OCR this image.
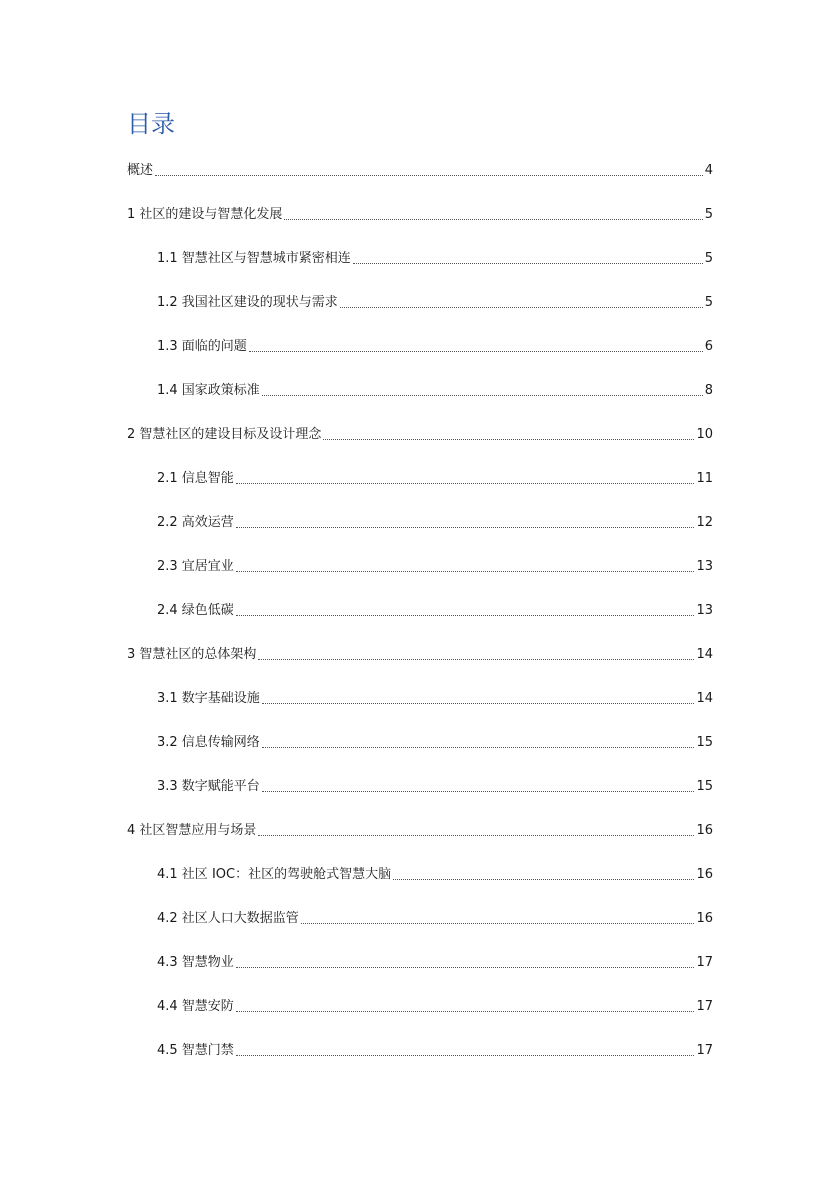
目录
概述	4
1 社区的建设与智慧化发展	5
1.1 智慧社区与智慧城市紧密相连	5
1.2 我国社区建设的现状与需求	5
1.3 面临的问题	6
1.4 国家政策标准	8
2 智慧社区的建设目标及设计理念	10
2.1 信息智能	11
2.2 高效运营	12
2.3 宜居宜业	13
2.4 绿色低碳	13
3 智慧社区的总体架构	14
3.1 数字基础设施	14
3.2 信息传输网络	15
3.3 数字赋能平台	15
4 社区智慧应用与场景	16
4.1 社区 IOC：社区的驾驶舱式智慧大脑	16
4.2 社区人口大数据监管	16
4.3 智慧物业	17
4.4 智慧安防	17
4.5 智慧门禁	17
